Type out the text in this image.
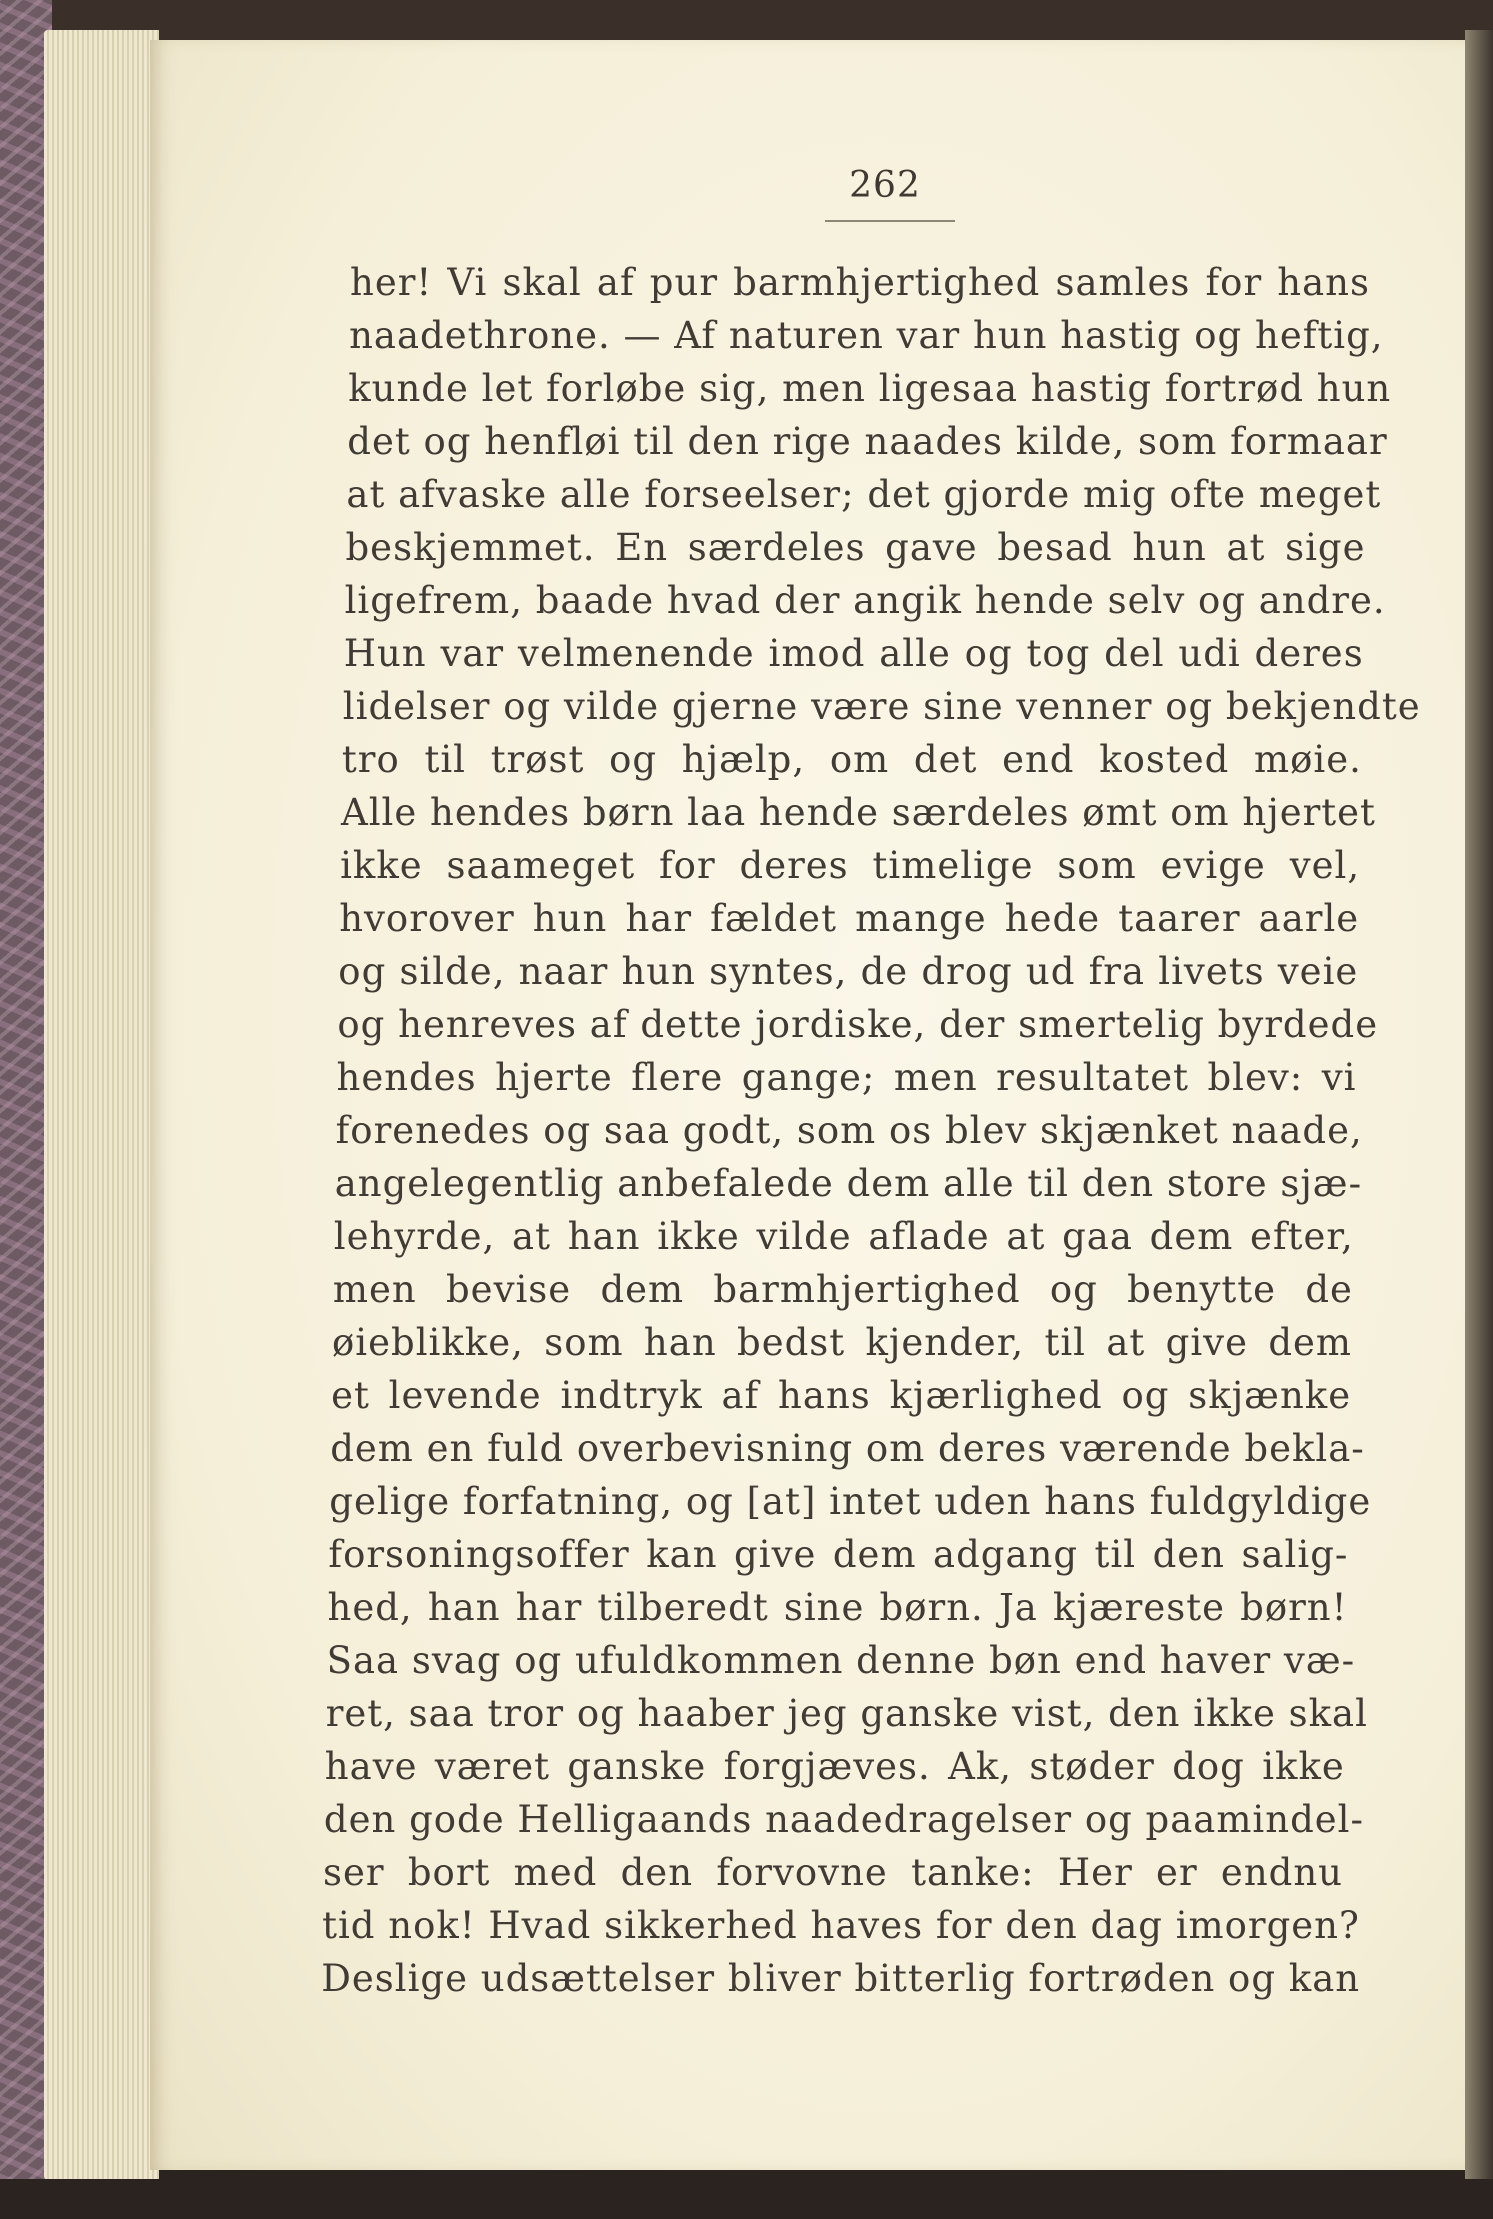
262
her! Vi skal af pur barmhjertighed samles for hans
naadethrone. — Af naturen var hun hastig og heftig,
kunde let forløbe sig, men ligesaa hastig fortrød hun
det og henfløi til den rige naades kilde, som formaar
at afvaske alle forseelser; det gjorde mig ofte meget
beskjemmet. En særdeles gave besad hun at sige
ligefrem, baade hvad der angik hende selv og andre.
Hun var velmenende imod alle og tog del udi deres
lidelser og vilde gjerne være sine venner og bekjendte
tro til trøst og hjælp, om det end kosted møie.
Alle hendes børn laa hende særdeles ømt om hjertet
ikke saameget for deres timelige som evige vel,
hvorover hun har fældet mange hede taarer aarle
og silde, naar hun syntes, de drog ud fra livets veie
og henreves af dette jordiske, der smertelig byrdede
hendes hjerte flere gange; men resultatet blev: vi
forenedes og saa godt, som os blev skjænket naade,
angelegentlig anbefalede dem alle til den store sjæ-
lehyrde, at han ikke vilde aflade at gaa dem efter,
men bevise dem barmhjertighed og benytte de
øieblikke, som han bedst kjender, til at give dem
et levende indtryk af hans kjærlighed og skjænke
dem en fuld overbevisning om deres værende bekla-
gelige forfatning, og [at] intet uden hans fuldgyldige
forsoningsoffer kan give dem adgang til den salig-
hed, han har tilberedt sine børn. Ja kjæreste børn!
Saa svag og ufuldkommen denne bøn end haver væ-
ret, saa tror og haaber jeg ganske vist, den ikke skal
have været ganske forgjæves. Ak, støder dog ikke
den gode Helligaands naadedragelser og paamindel-
ser bort med den forvovne tanke: Her er endnu
tid nok! Hvad sikkerhed haves for den dag imorgen?
Deslige udsættelser bliver bitterlig fortrøden og kan
